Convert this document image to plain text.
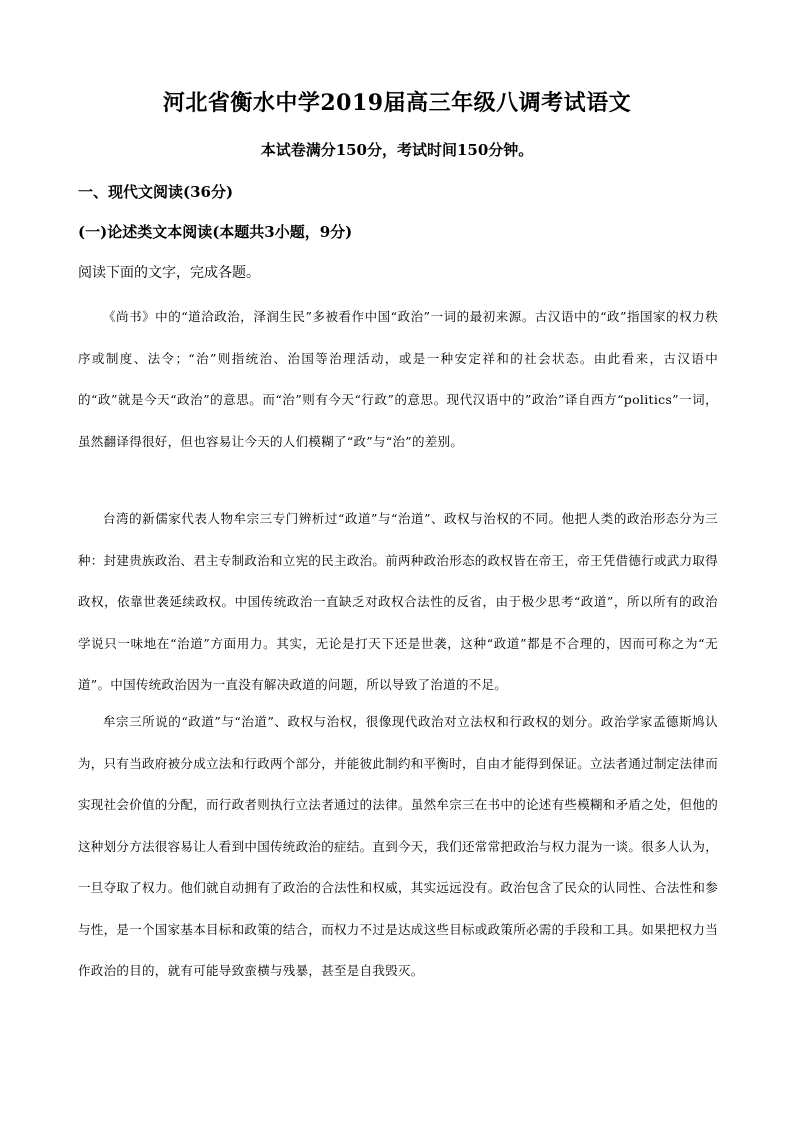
河北省衡水中学2019届高三年级八调考试语文
本试卷满分150分，考试时间150分钟。
一、现代文阅读(36分)
(一)论述类文本阅读(本题共3小题，9分)
阅读下面的文字，完成各题。

《尚书》中的“道洽政治，泽润生民”多被看作中国“政治”一词的最初来源。古汉语中的“政”指国家的权力秩序或制度、法令；“治”则指统治、治国等治理活动，或是一种安定祥和的社会状态。由此看来，古汉语中的“政”就是今天“政治”的意思。而“治”则有今天“行政”的意思。现代汉语中的”政治”译自西方“politics”一词，虽然翻译得很好，但也容易让今天的人们模糊了“政”与“治”的差别。

台湾的新儒家代表人物牟宗三专门辨析过“政道”与“治道”、政权与治权的不同。他把人类的政治形态分为三种：封建贵族政治、君主专制政治和立宪的民主政治。前两种政治形态的政权皆在帝王，帝王凭借德行或武力取得政权，依靠世袭延续政权。中国传统政治一直缺乏对政权合法性的反省，由于极少思考“政道”，所以所有的政治学说只一味地在“治道”方面用力。其实，无论是打天下还是世袭，这种“政道”都是不合理的，因而可称之为“无道”。中国传统政治因为一直没有解决政道的问题，所以导致了治道的不足。

牟宗三所说的“政道”与“治道”、政权与治权，很像现代政治对立法权和行政权的划分。政治学家孟德斯鸠认为，只有当政府被分成立法和行政两个部分，并能彼此制约和平衡时，自由才能得到保证。立法者通过制定法律而实现社会价值的分配，而行政者则执行立法者通过的法律。虽然牟宗三在书中的论述有些模糊和矛盾之处，但他的这种划分方法很容易让人看到中国传统政治的症结。直到今天，我们还常常把政治与权力混为一谈。很多人认为，一旦夺取了权力。他们就自动拥有了政治的合法性和权威，其实远远没有。政治包含了民众的认同性、合法性和参与性，是一个国家基本目标和政策的结合，而权力不过是达成这些目标或政策所必需的手段和工具。如果把权力当作政治的目的，就有可能导致蛮横与残暴，甚至是自我毁灭。
